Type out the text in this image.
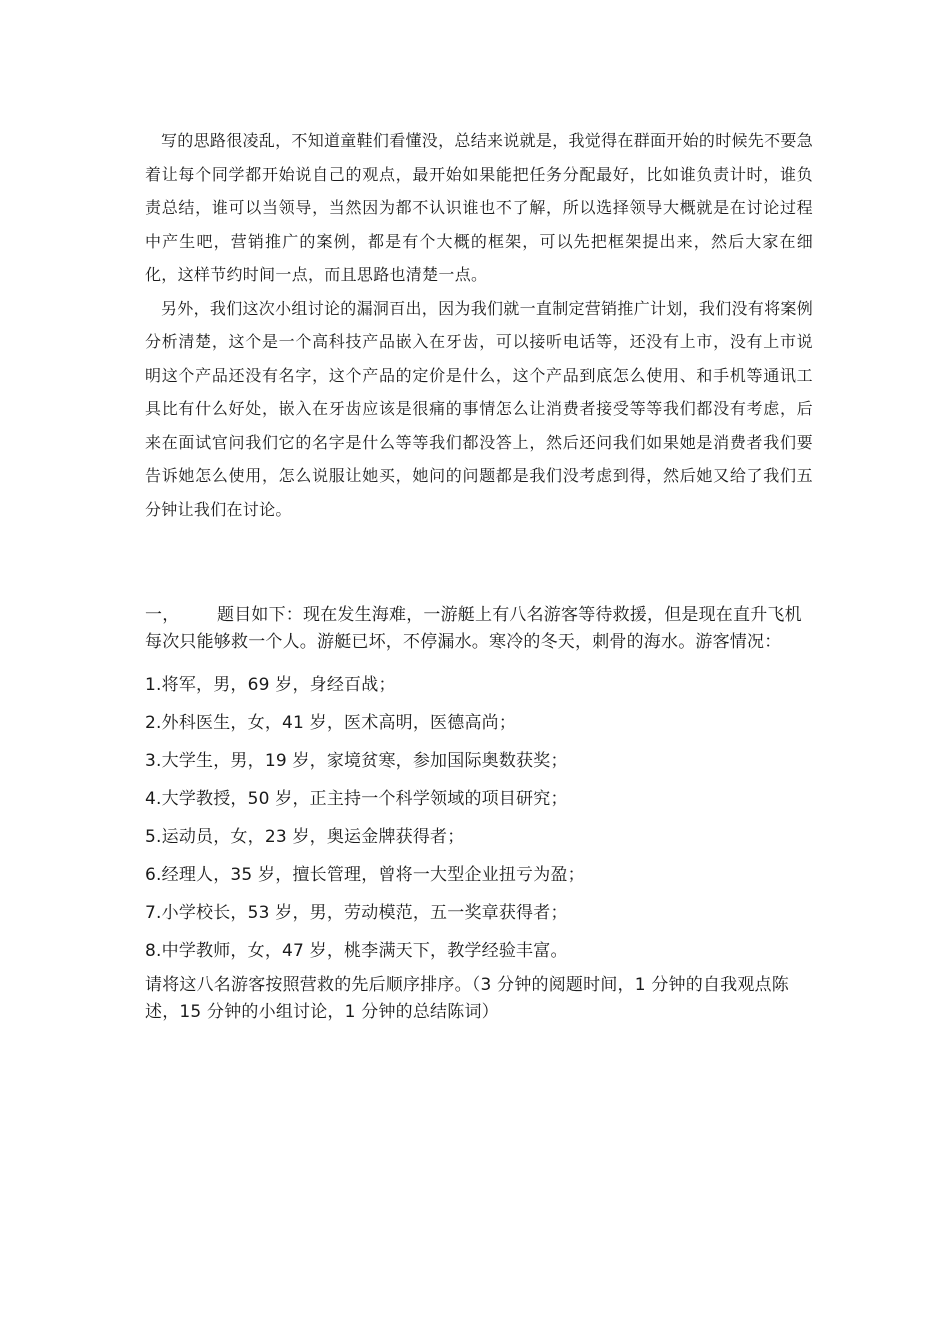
写的思路很凌乱，不知道童鞋们看懂没，总结来说就是，我觉得在群面开始的时候先不要急着让每个同学都开始说自己的观点，最开始如果能把任务分配最好，比如谁负责计时，谁负责总结，谁可以当领导，当然因为都不认识谁也不了解，所以选择领导大概就是在讨论过程中产生吧，营销推广的案例，都是有个大概的框架，可以先把框架提出来，然后大家在细化，这样节约时间一点，而且思路也清楚一点。

另外，我们这次小组讨论的漏洞百出，因为我们就一直制定营销推广计划，我们没有将案例分析清楚，这个是一个高科技产品嵌入在牙齿，可以接听电话等，还没有上市，没有上市说明这个产品还没有名字，这个产品的定价是什么，这个产品到底怎么使用、和手机等通讯工具比有什么好处，嵌入在牙齿应该是很痛的事情怎么让消费者接受等等我们都没有考虑，后来在面试官问我们它的名字是什么等等我们都没答上，然后还问我们如果她是消费者我们要告诉她怎么使用，怎么说服让她买，她问的问题都是我们没考虑到得，然后她又给了我们五分钟让我们在讨论。

一， 题目如下：现在发生海难，一游艇上有八名游客等待救援，但是现在直升飞机每次只能够救一个人。游艇已坏，不停漏水。寒冷的冬天，刺骨的海水。游客情况：

1.将军，男，69 岁，身经百战；
2.外科医生，女，41 岁，医术高明，医德高尚；
3.大学生，男，19 岁，家境贫寒，参加国际奥数获奖；
4.大学教授，50 岁，正主持一个科学领域的项目研究；
5.运动员，女，23 岁，奥运金牌获得者；
6.经理人，35 岁，擅长管理，曾将一大型企业扭亏为盈；
7.小学校长，53 岁，男，劳动模范，五一奖章获得者；
8.中学教师，女，47 岁，桃李满天下，教学经验丰富。

请将这八名游客按照营救的先后顺序排序。（3 分钟的阅题时间，1 分钟的自我观点陈述，15 分钟的小组讨论，1 分钟的总结陈词）
